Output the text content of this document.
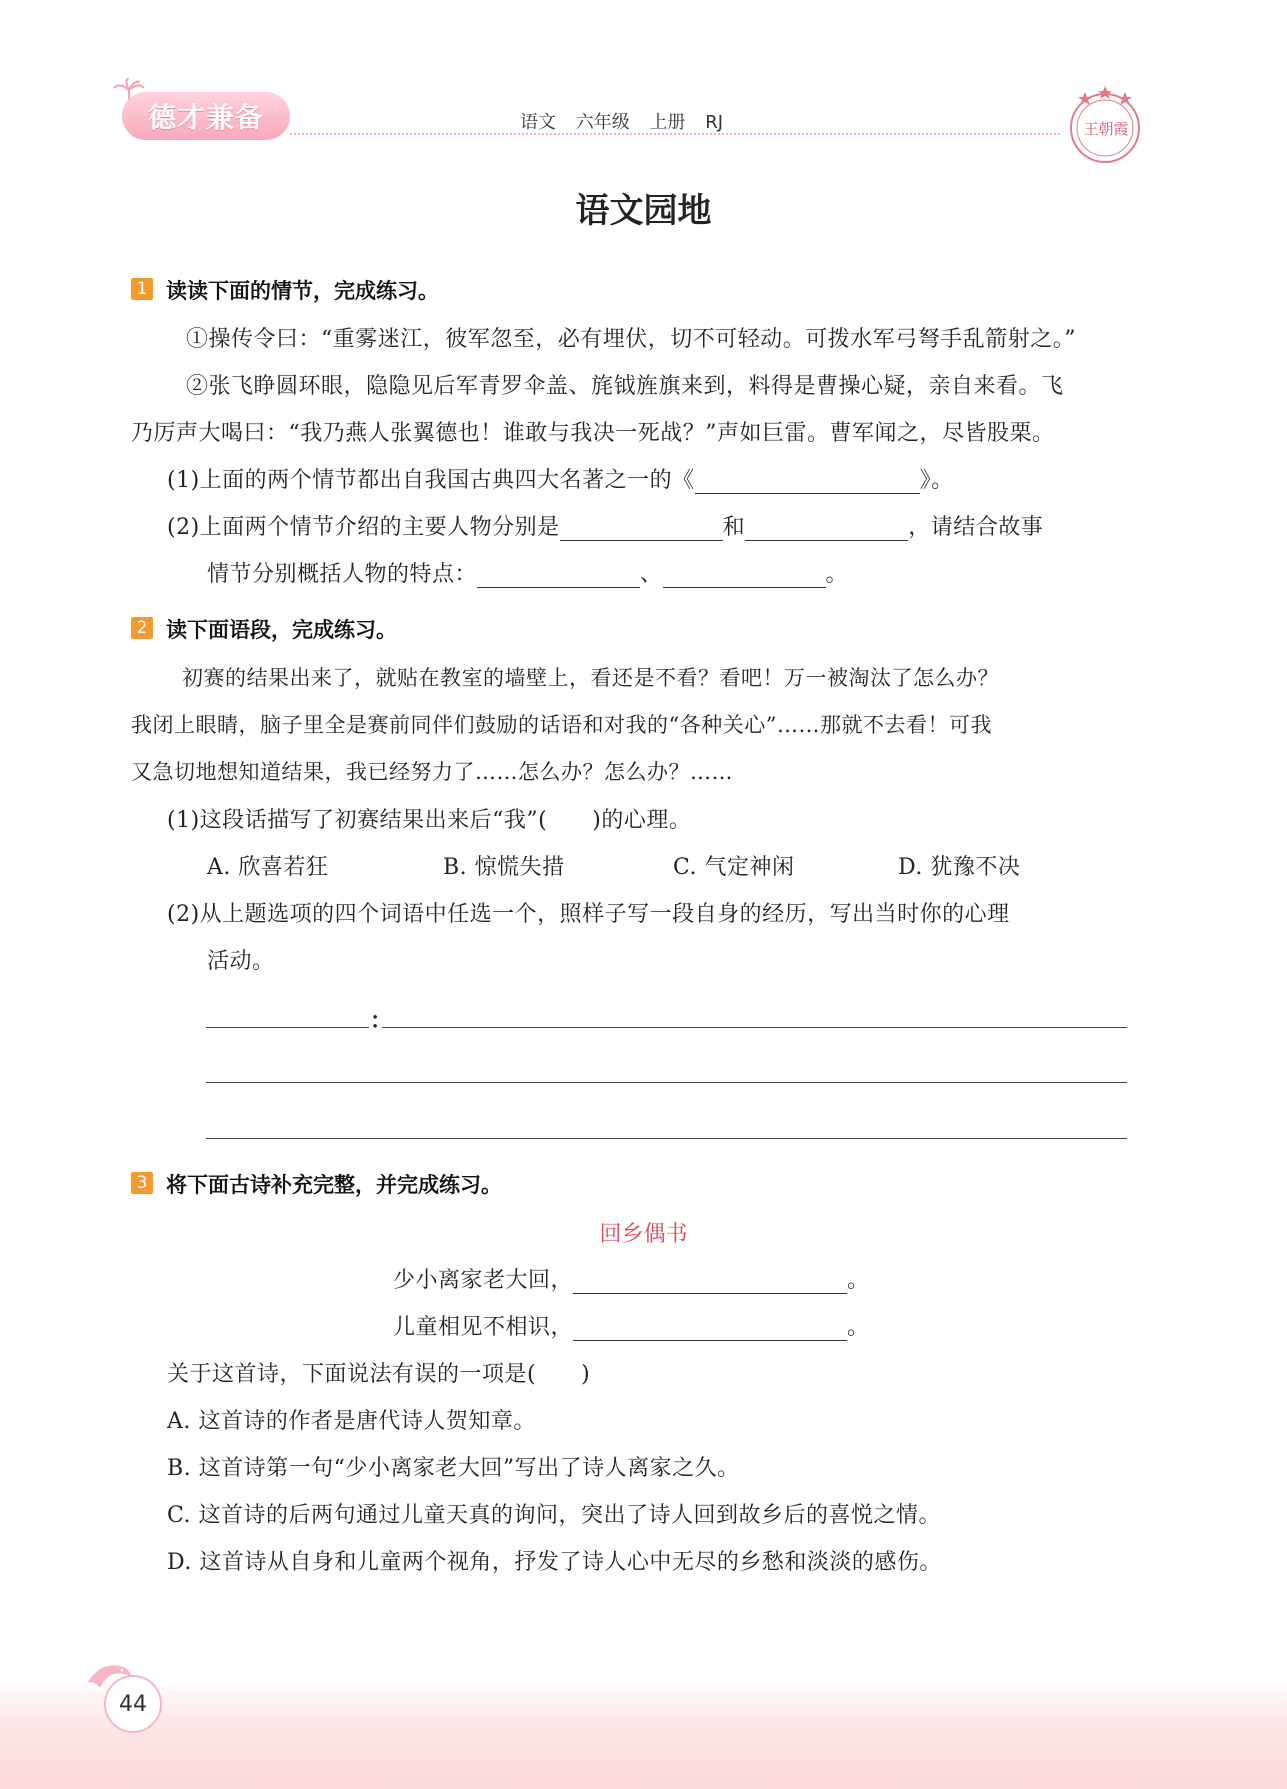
德才兼备	语文 六年级 上册 RJ	王朝霞
语文园地
1 读读下面的情节，完成练习。
①操传令曰：“重雾迷江，彼军忽至，必有埋伏，切不可轻动。可拨水军弓弩手乱箭射之。”
②张飞睁圆环眼，隐隐见后军青罗伞盖、旄钺旌旗来到，料得是曹操心疑，亲自来看。飞
乃厉声大喝曰：“我乃燕人张翼德也！谁敢与我决一死战？”声如巨雷。曹军闻之，尽皆股栗。
(1)上面的两个情节都出自我国古典四大名著之一的《	》。
(2)上面两个情节介绍的主要人物分别是	和	，请结合故事
情节分别概括人物的特点：	、	。
2 读下面语段，完成练习。
初赛的结果出来了，就贴在教室的墙壁上，看还是不看？看吧！万一被淘汰了怎么办？
我闭上眼睛，脑子里全是赛前同伴们鼓励的话语和对我的“各种关心”……那就不去看！可我
又急切地想知道结果，我已经努力了……怎么办？怎么办？……
(1)这段话描写了初赛结果出来后“我”(　　)的心理。
A. 欣喜若狂	B. 惊慌失措	C. 气定神闲	D. 犹豫不决
(2)从上题选项的四个词语中任选一个，照样子写一段自身的经历，写出当时你的心理
活动。
：
3 将下面古诗补充完整，并完成练习。
回乡偶书
少小离家老大回，	。
儿童相见不相识，	。
关于这首诗，下面说法有误的一项是(　　)
A. 这首诗的作者是唐代诗人贺知章。
B. 这首诗第一句“少小离家老大回”写出了诗人离家之久。
C. 这首诗的后两句通过儿童天真的询问，突出了诗人回到故乡后的喜悦之情。
D. 这首诗从自身和儿童两个视角，抒发了诗人心中无尽的乡愁和淡淡的感伤。
44
